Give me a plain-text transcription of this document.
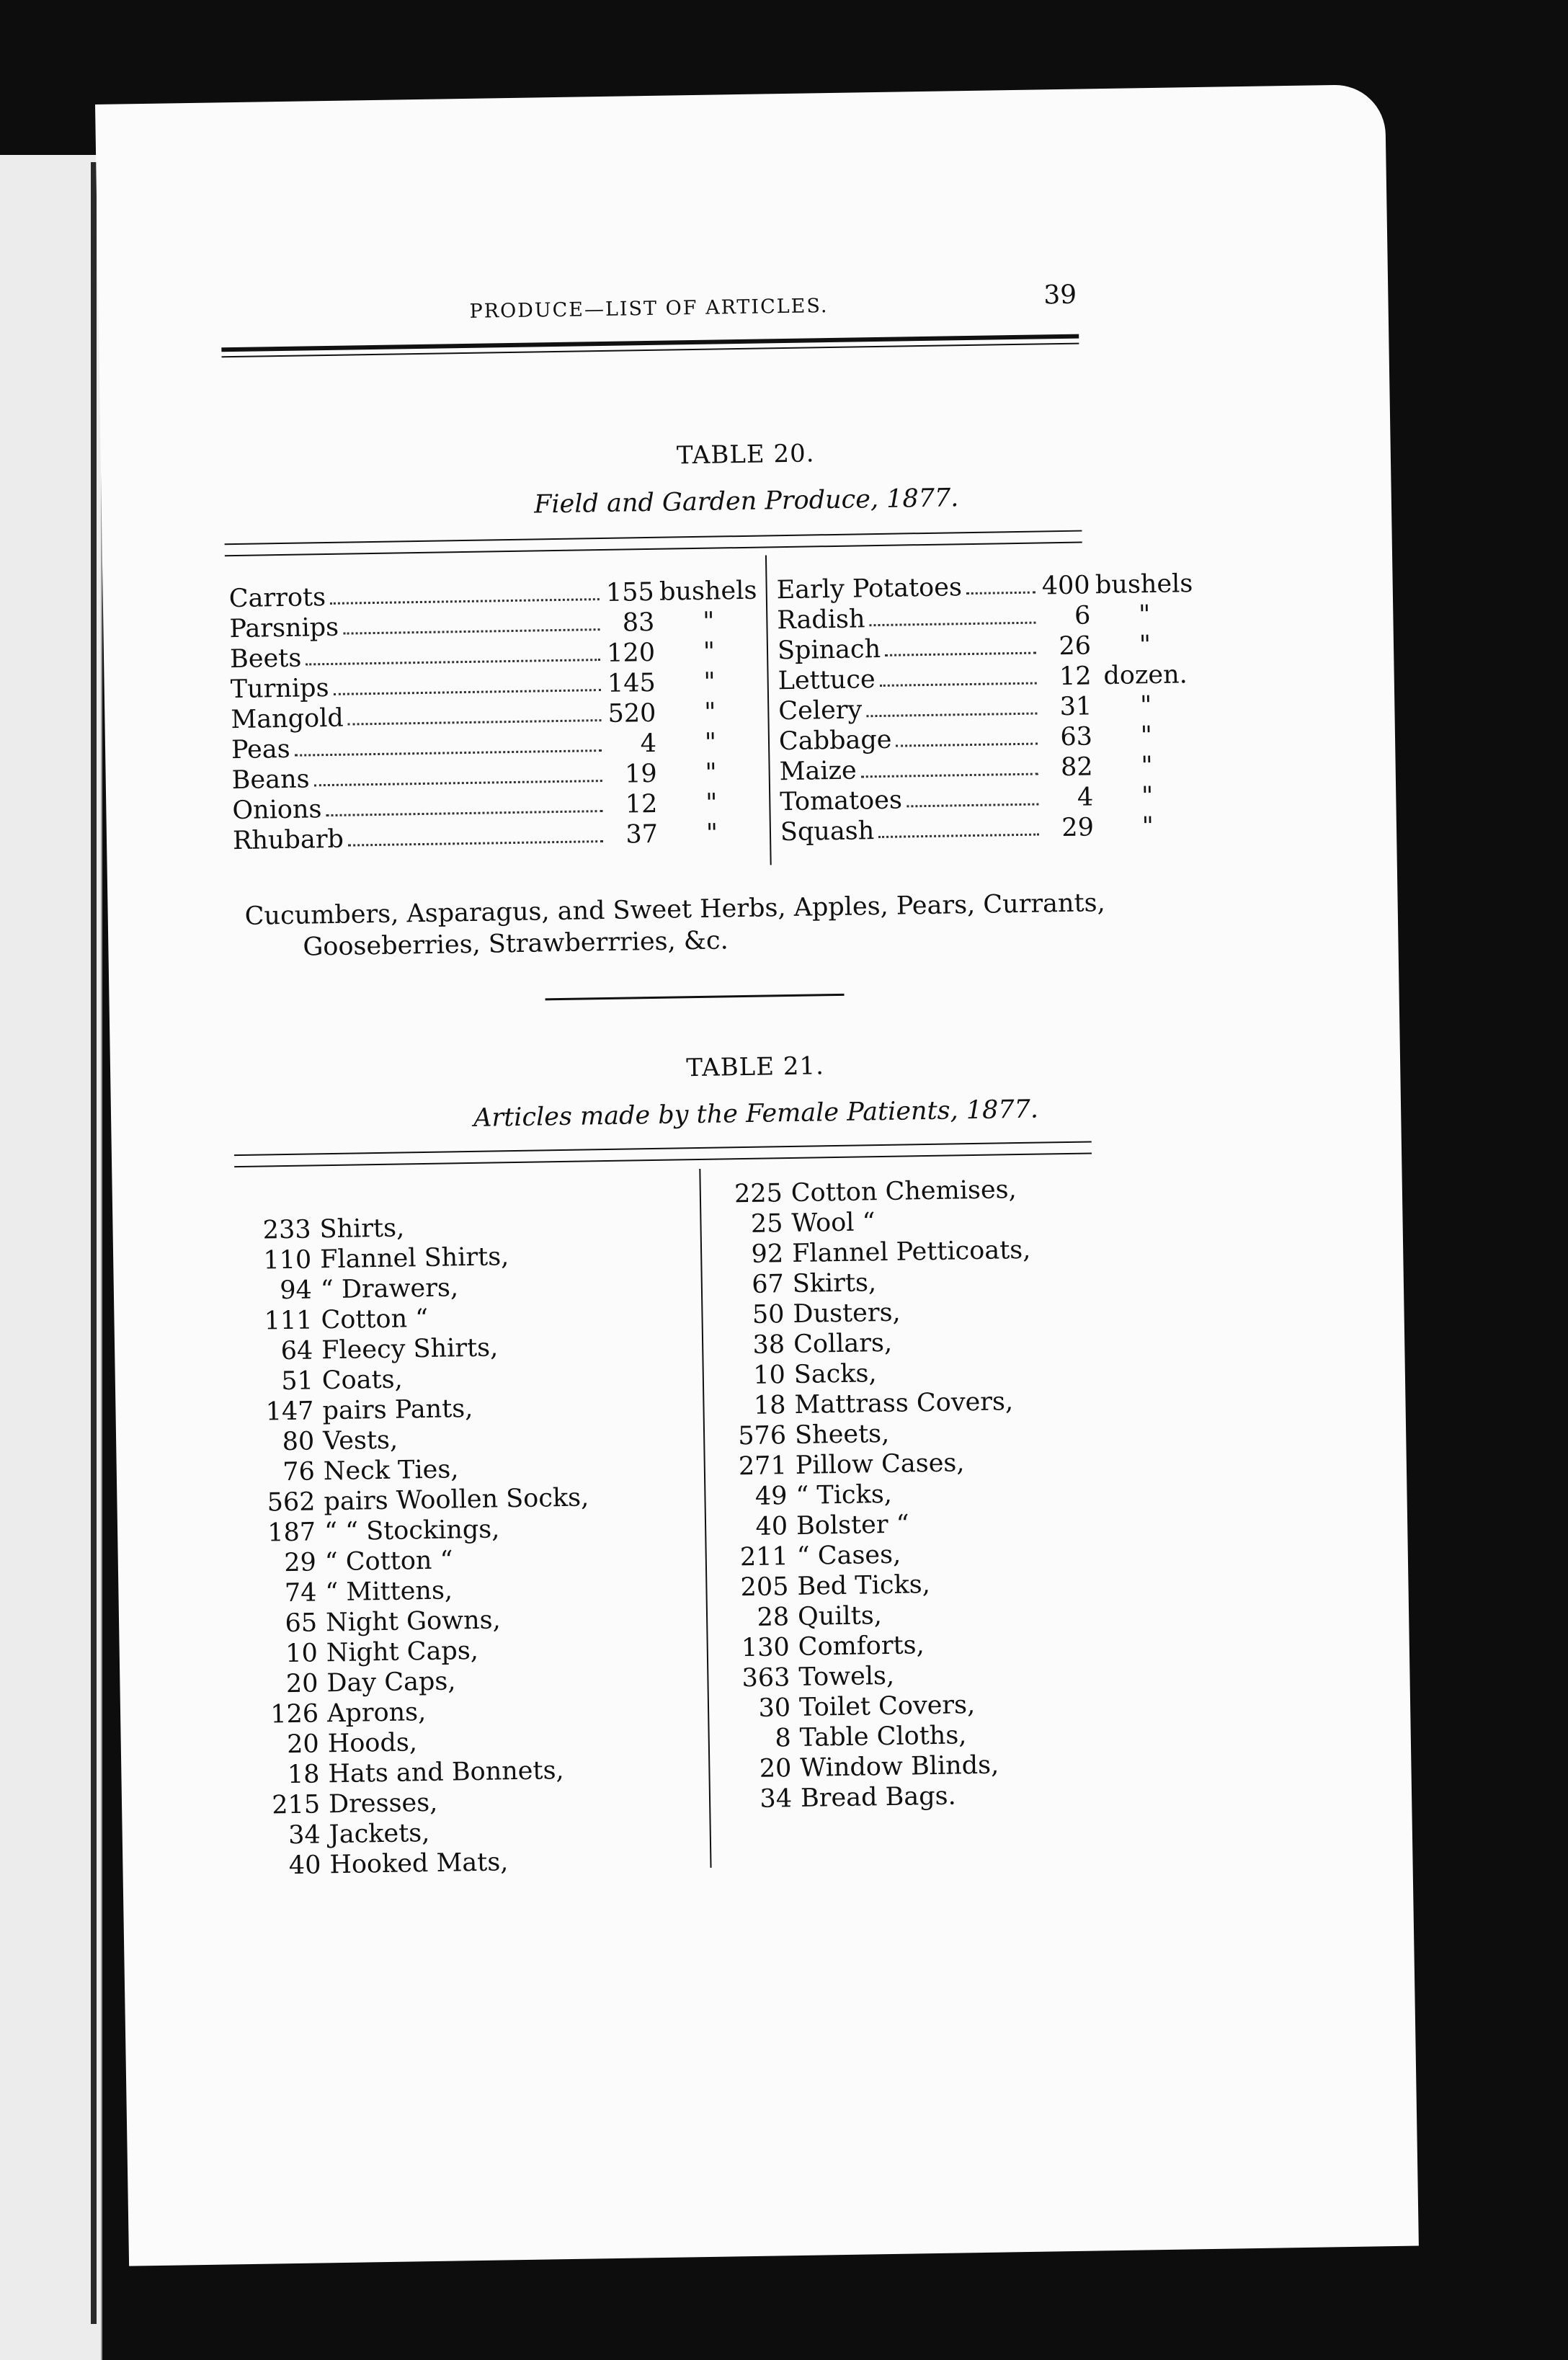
PRODUCE—LIST OF ARTICLES.	39
TABLE 20.
Field and Garden Produce, 1877.
Carrots	155 bushels
Parsnips	83	"
Beets	120	"
Turnips	145	"
Mangold	520	"
Peas	4	"
Beans	19	"
Onions	12	"
Rhubarb	37	"
Early Potatoes	400 bushels
Radish	6	"
Spinach	26	"
Lettuce	12 dozen.
Celery	31	"
Cabbage	63	"
Maize	82	"
Tomatoes	4	"
Squash	29	"
Cucumbers, Asparagus, and Sweet Herbs, Apples, Pears, Currants,
Gooseberries, Strawberrries, &c.
TABLE 21.
Articles made by the Female Patients, 1877.
233 Shirts,
110 Flannel Shirts,
94 “ Drawers,
111 Cotton “
64 Fleecy Shirts,
51 Coats,
147 pairs Pants,
80 Vests,
76 Neck Ties,
562 pairs Woollen Socks,
187 “ “ Stockings,
29 “ Cotton “
74 “ Mittens,
65 Night Gowns,
10 Night Caps,
20 Day Caps,
126 Aprons,
20 Hoods,
18 Hats and Bonnets,
215 Dresses,
34 Jackets,
40 Hooked Mats,
225 Cotton Chemises,
25 Wool “
92 Flannel Petticoats,
67 Skirts,
50 Dusters,
38 Collars,
10 Sacks,
18 Mattrass Covers,
576 Sheets,
271 Pillow Cases,
49 “ Ticks,
40 Bolster “
211 “ Cases,
205 Bed Ticks,
28 Quilts,
130 Comforts,
363 Towels,
30 Toilet Covers,
8 Table Cloths,
20 Window Blinds,
34 Bread Bags.
